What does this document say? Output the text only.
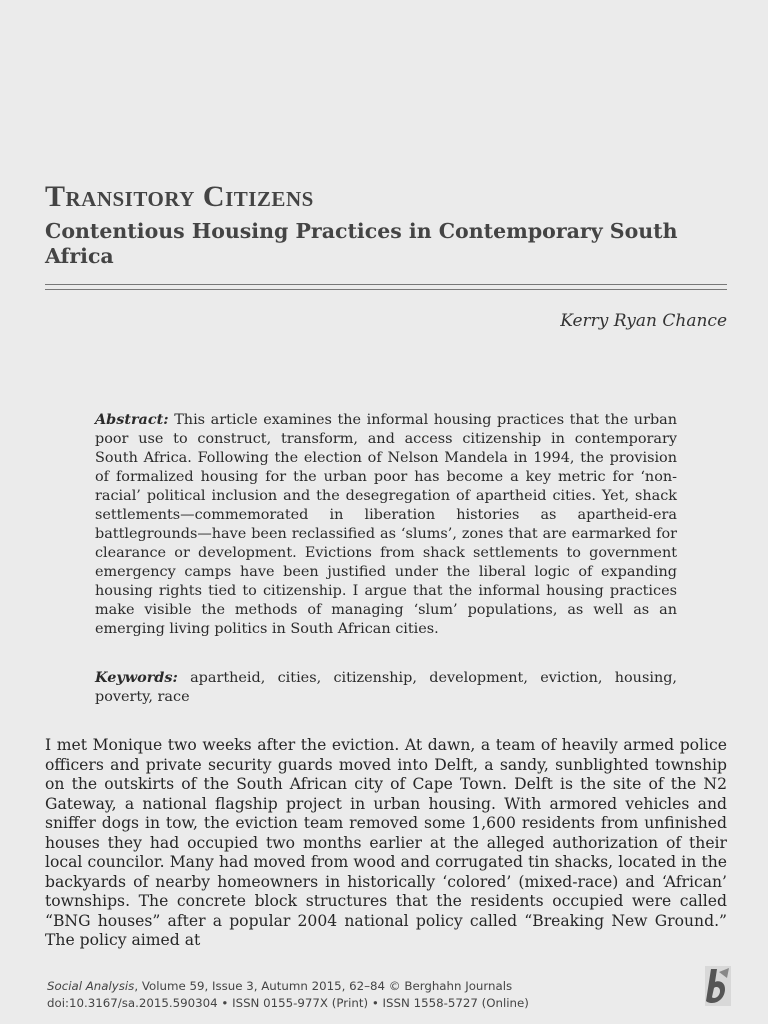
Transitory Citizens
Contentious Housing Practices in Contemporary South Africa
Kerry Ryan Chance

Abstract: This article examines the informal housing practices that the urban poor use to construct, transform, and access citizenship in contemporary South Africa. Following the election of Nelson Mandela in 1994, the provision of formalized housing for the urban poor has become a key metric for ‘non-racial’ political inclusion and the desegregation of apartheid cities. Yet, shack settlements—commemorated in liberation histories as apartheid-era battlegrounds—have been reclassified as ‘slums’, zones that are earmarked for clearance or development. Evictions from shack settlements to government emergency camps have been justified under the liberal logic of expanding housing rights tied to citizenship. I argue that the informal housing practices make visible the methods of managing ‘slum’ populations, as well as an emerging living politics in South African cities.

Keywords: apartheid, cities, citizenship, development, eviction, housing, poverty, race

I met Monique two weeks after the eviction. At dawn, a team of heavily armed police officers and private security guards moved into Delft, a sandy, sunblighted township on the outskirts of the South African city of Cape Town. Delft is the site of the N2 Gateway, a national flagship project in urban housing. With armored vehicles and sniffer dogs in tow, the eviction team removed some 1,600 residents from unfinished houses they had occupied two months earlier at the alleged authorization of their local councilor. Many had moved from wood and corrugated tin shacks, located in the backyards of nearby homeowners in historically ‘colored’ (mixed-race) and ‘African’ townships. The concrete block structures that the residents occupied were called “BNG houses” after a popular 2004 national policy called “Breaking New Ground.” The policy aimed at

Social Analysis, Volume 59, Issue 3, Autumn 2015, 62–84 © Berghahn Journals
doi:10.3167/sa.2015.590304 • ISSN 0155-977X (Print) • ISSN 1558-5727 (Online)
